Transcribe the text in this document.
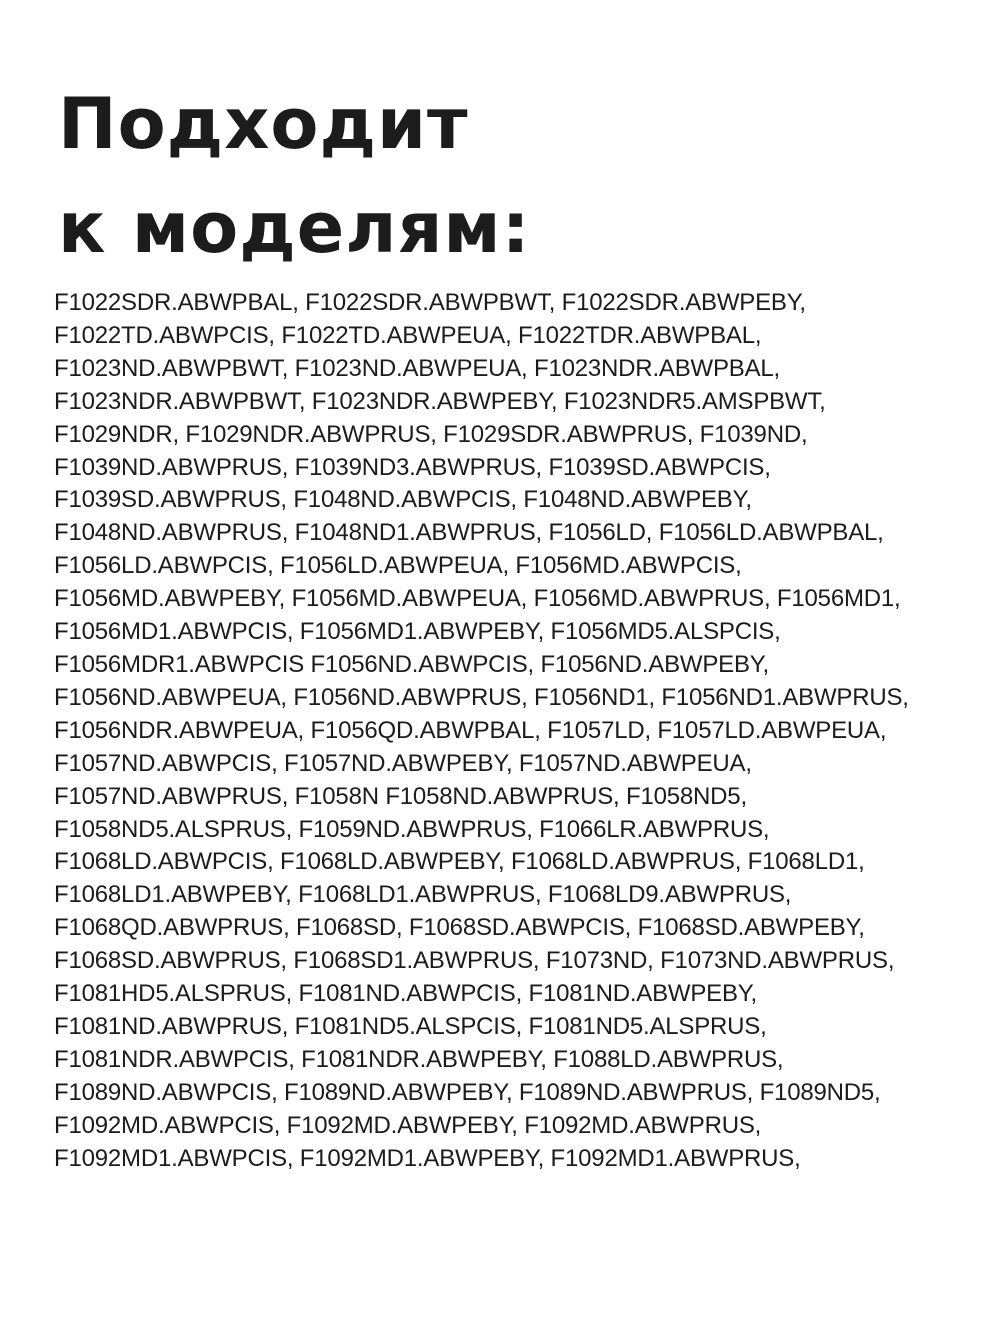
Подходит
к моделям:
F1022SDR.ABWPBAL, F1022SDR.ABWPBWT, F1022SDR.ABWPEBY,
F1022TD.ABWPCIS, F1022TD.ABWPEUA, F1022TDR.ABWPBAL,
F1023ND.ABWPBWT, F1023ND.ABWPEUA, F1023NDR.ABWPBAL,
F1023NDR.ABWPBWT, F1023NDR.ABWPEBY, F1023NDR5.AMSPBWT,
F1029NDR, F1029NDR.ABWPRUS, F1029SDR.ABWPRUS, F1039ND,
F1039ND.ABWPRUS, F1039ND3.ABWPRUS, F1039SD.ABWPCIS,
F1039SD.ABWPRUS, F1048ND.ABWPCIS, F1048ND.ABWPEBY,
F1048ND.ABWPRUS, F1048ND1.ABWPRUS, F1056LD, F1056LD.ABWPBAL,
F1056LD.ABWPCIS, F1056LD.ABWPEUA, F1056MD.ABWPCIS,
F1056MD.ABWPEBY, F1056MD.ABWPEUA, F1056MD.ABWPRUS, F1056MD1,
F1056MD1.ABWPCIS, F1056MD1.ABWPEBY, F1056MD5.ALSPCIS,
F1056MDR1.ABWPCIS F1056ND.ABWPCIS, F1056ND.ABWPEBY,
F1056ND.ABWPEUA, F1056ND.ABWPRUS, F1056ND1, F1056ND1.ABWPRUS,
F1056NDR.ABWPEUA, F1056QD.ABWPBAL, F1057LD, F1057LD.ABWPEUA,
F1057ND.ABWPCIS, F1057ND.ABWPEBY, F1057ND.ABWPEUA,
F1057ND.ABWPRUS, F1058N F1058ND.ABWPRUS, F1058ND5,
F1058ND5.ALSPRUS, F1059ND.ABWPRUS, F1066LR.ABWPRUS,
F1068LD.ABWPCIS, F1068LD.ABWPEBY, F1068LD.ABWPRUS, F1068LD1,
F1068LD1.ABWPEBY, F1068LD1.ABWPRUS, F1068LD9.ABWPRUS,
F1068QD.ABWPRUS, F1068SD, F1068SD.ABWPCIS, F1068SD.ABWPEBY,
F1068SD.ABWPRUS, F1068SD1.ABWPRUS, F1073ND, F1073ND.ABWPRUS,
F1081HD5.ALSPRUS, F1081ND.ABWPCIS, F1081ND.ABWPEBY,
F1081ND.ABWPRUS, F1081ND5.ALSPCIS, F1081ND5.ALSPRUS,
F1081NDR.ABWPCIS, F1081NDR.ABWPEBY, F1088LD.ABWPRUS,
F1089ND.ABWPCIS, F1089ND.ABWPEBY, F1089ND.ABWPRUS, F1089ND5,
F1092MD.ABWPCIS, F1092MD.ABWPEBY, F1092MD.ABWPRUS,
F1092MD1.ABWPCIS, F1092MD1.ABWPEBY, F1092MD1.ABWPRUS,
